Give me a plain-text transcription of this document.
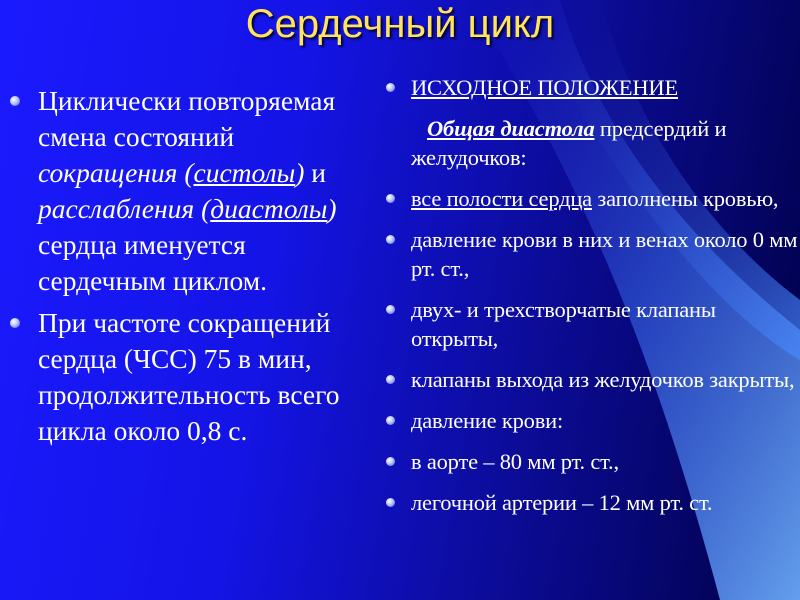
Сердечный цикл
Циклически повторяемая смена состояний сокращения (систолы) и расслабления (диастолы) сердца именуется сердечным циклом.
При частоте сокращений сердца (ЧСС) 75 в мин, продолжительность всего цикла около 0,8 с.
ИСХОДНОЕ ПОЛОЖЕНИЕ
Общая диастола предсердий и желудочков:
все полости сердца заполнены кровью,
давление крови в них и венах около 0 мм рт. ст.,
двух- и трехстворчатые клапаны открыты,
клапаны выхода из желудочков закрыты,
давление крови:
в аорте – 80 мм рт. ст.,
легочной артерии – 12 мм рт. ст.
